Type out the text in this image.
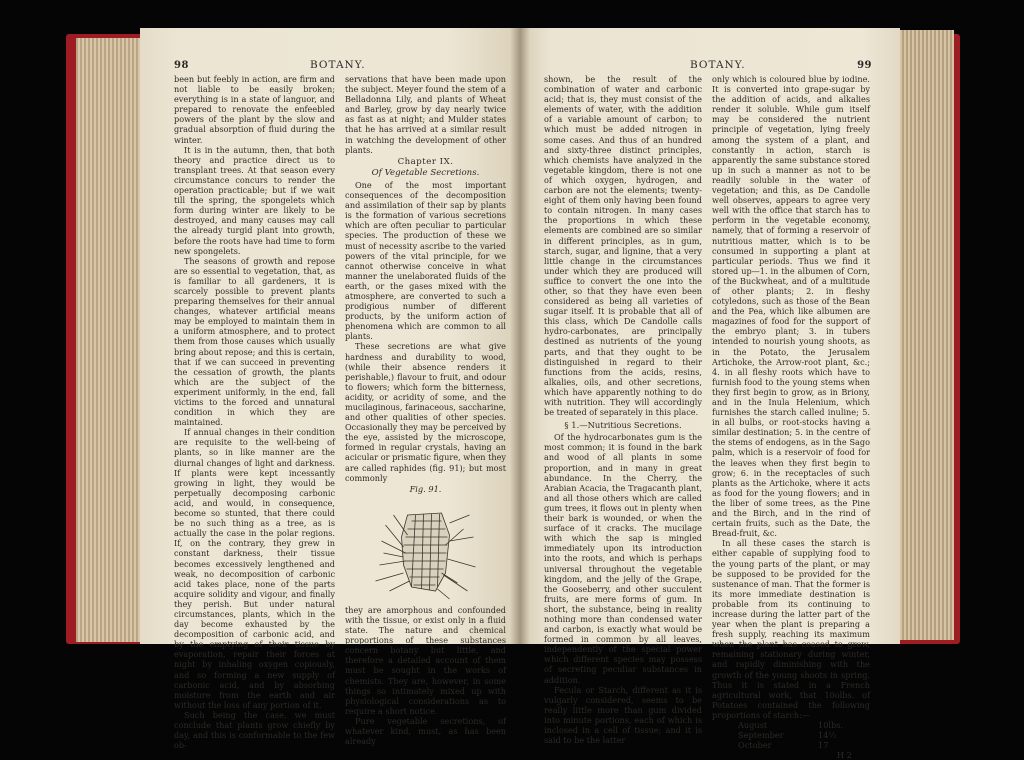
98	BOTANY.

been but feebly in action, are firm and not liable to be easily broken; everything is in a state of languor, and prepared to renovate the enfeebled powers of the plant by the slow and gradual absorption of fluid during the winter.

It is in the autumn, then, that both theory and practice direct us to transplant trees. At that season every circumstance concurs to render the operation practicable; but if we wait till the spring, the spongelets which form during winter are likely to be destroyed, and many causes may call the already turgid plant into growth, before the roots have had time to form new spongelets.

The seasons of growth and repose are so essential to vegetation, that, as is familiar to all gardeners, it is scarcely possible to prevent plants preparing themselves for their annual changes, whatever artificial means may be employed to maintain them in a uniform atmosphere, and to protect them from those causes which usually bring about repose; and this is certain, that if we can succeed in preventing the cessation of growth, the plants which are the subject of the experiment uniformly, in the end, fall victims to the forced and unnatural condition in which they are maintained.

If annual changes in their condition are requisite to the well-being of plants, so in like manner are the diurnal changes of light and darkness. If plants were kept incessantly growing in light, they would be perpetually decomposing carbonic acid, and would, in consequence, become so stunted, that there could be no such thing as a tree, as is actually the case in the polar regions. If, on the contrary, they grew in constant darkness, their tissue becomes excessively lengthened and weak, no decomposition of carbonic acid takes place, none of the parts acquire solidity and vigour, and finally they perish. But under natural circumstances, plants, which in the day become exhausted by the decomposition of carbonic acid, and by the emptying of their tissue by evaporation, repair their forces at night by inhaling oxygen copiously, and so forming a new supply of carbonic acid, and by absorbing moisture from the earth and air without the loss of any portion of it.

Such being the case, we must conclude that plants grow chiefly by day, and this is conformable to the few ob-

servations that have been made upon the subject. Meyer found the stem of a Belladonna Lily, and plants of Wheat and Barley, grow by day nearly twice as fast as at night; and Mulder states that he has arrived at a similar result in watching the development of other plants.

Chapter IX.
Of Vegetable Secretions.

One of the most important consequences of the decomposition and assimilation of their sap by plants is the formation of various secretions which are often peculiar to particular species. The production of these we must of necessity ascribe to the varied powers of the vital principle, for we cannot otherwise conceive in what manner the unelaborated fluids of the earth, or the gases mixed with the atmosphere, are converted to such a prodigious number of different products, by the uniform action of phenomena which are common to all plants.

These secretions are what give hardness and durability to wood, (while their absence renders it perishable,) flavour to fruit, and odour to flowers; which form the bitterness, acidity, or acridity of some, and the mucilaginous, farinaceous, saccharine, and other qualities of other species. Occasionally they may be perceived by the eye, assisted by the microscope, formed in regular crystals, having an acicular or prismatic figure, when they are called raphides (fig. 91); but most commonly

Fig. 91.

they are amorphous and confounded with the tissue, or exist only in a fluid state. The nature and chemical proportions of these substances concern botany but little, and therefore a detailed account of them must be sought in the works of chemists. They are, however, in some things so intimately mixed up with physiological considerations as to require a short notice.

Pure vegetable secretions, of whatever kind, must, as has been already

BOTANY.	99

shown, be the result of the combination of water and carbonic acid; that is, they must consist of the elements of water, with the addition of a variable amount of carbon; to which must be added nitrogen in some cases. And thus of an hundred and sixty-three distinct principles, which chemists have analyzed in the vegetable kingdom, there is not one of which oxygen, hydrogen, and carbon are not the elements; twenty-eight of them only having been found to contain nitrogen. In many cases the proportions in which these elements are combined are so similar in different principles, as in gum, starch, sugar, and lignine, that a very little change in the circumstances under which they are produced will suffice to convert the one into the other, so that they have even been considered as being all varieties of sugar itself. It is probable that all of this class, which De Candolle calls hydro-carbonates, are principally destined as nutrients of the young parts, and that they ought to be distinguished in regard to their functions from the acids, resins, alkalies, oils, and other secretions, which have apparently nothing to do with nutrition. They will accordingly be treated of separately in this place.

§ 1.—Nutritious Secretions.

Of the hydrocarbonates gum is the most common; it is found in the bark and wood of all plants in some proportion, and in many in great abundance. In the Cherry, the Arabian Acacia, the Tragacanth plant, and all those others which are called gum trees, it flows out in plenty when their bark is wounded, or when the surface of it cracks. The mucilage with which the sap is mingled immediately upon its introduction into the roots, and which is perhaps universal throughout the vegetable kingdom, and the jelly of the Grape, the Gooseberry, and other succulent fruits, are mere forms of gum. In short, the substance, being in reality nothing more than condensed water and carbon, is exactly what would be formed in common by all leaves, independently of the special power which different species may possess of secreting peculiar substances in addition.

Fecula or Starch, different as it is vulgarly considered, seems to be really little more than gum divided into minute portions, each of which is inclosed in a cell of tissue; and it is said to be the latter

only which is coloured blue by iodine. It is converted into grape-sugar by the addition of acids, and alkalies render it soluble. While gum itself may be considered the nutrient principle of vegetation, lying freely among the system of a plant, and constantly in action, starch is apparently the same substance stored up in such a manner as not to be readily soluble in the water of vegetation; and this, as De Candolle well observes, appears to agree very well with the office that starch has to perform in the vegetable economy, namely, that of forming a reservoir of nutritious matter, which is to be consumed in supporting a plant at particular periods. Thus we find it stored up—1. in the albumen of Corn, of the Buckwheat, and of a multitude of other plants; 2. in fleshy cotyledons, such as those of the Bean and the Pea, which like albumen are magazines of food for the support of the embryo plant; 3. in tubers intended to nourish young shoots, as in the Potato, the Jerusalem Artichoke, the Arrow-root plant, &c.; 4. in all fleshy roots which have to furnish food to the young stems when they first begin to grow, as in Briony, and in the Inula Helenium, which furnishes the starch called inuline; 5. in all bulbs, or root-stocks having a similar destination; 5. in the centre of the stems of endogens, as in the Sago palm, which is a reservoir of food for the leaves when they first begin to grow; 6. in the receptacles of such plants as the Artichoke, where it acts as food for the young flowers; and in the liber of some trees, as the Pine and the Birch, and in the rind of certain fruits, such as the Date, the Bread-fruit, &c.

In all these cases the starch is either capable of supplying food to the young parts of the plant, or may be supposed to be provided for the sustenance of man. That the former is its more immediate destination is probable from its continuing to increase during the latter part of the year when the plant is preparing a fresh supply, reaching its maximum when the plant has ceased to grow, remaining stationary during winter, and rapidly diminishing with the growth of the young shoots in spring. Thus it is stated in a French agricultural work, that 10olbs. of Potatoes contained the following proportions of starch:—

August	10lbs.
September	14½
October	17
H 2
